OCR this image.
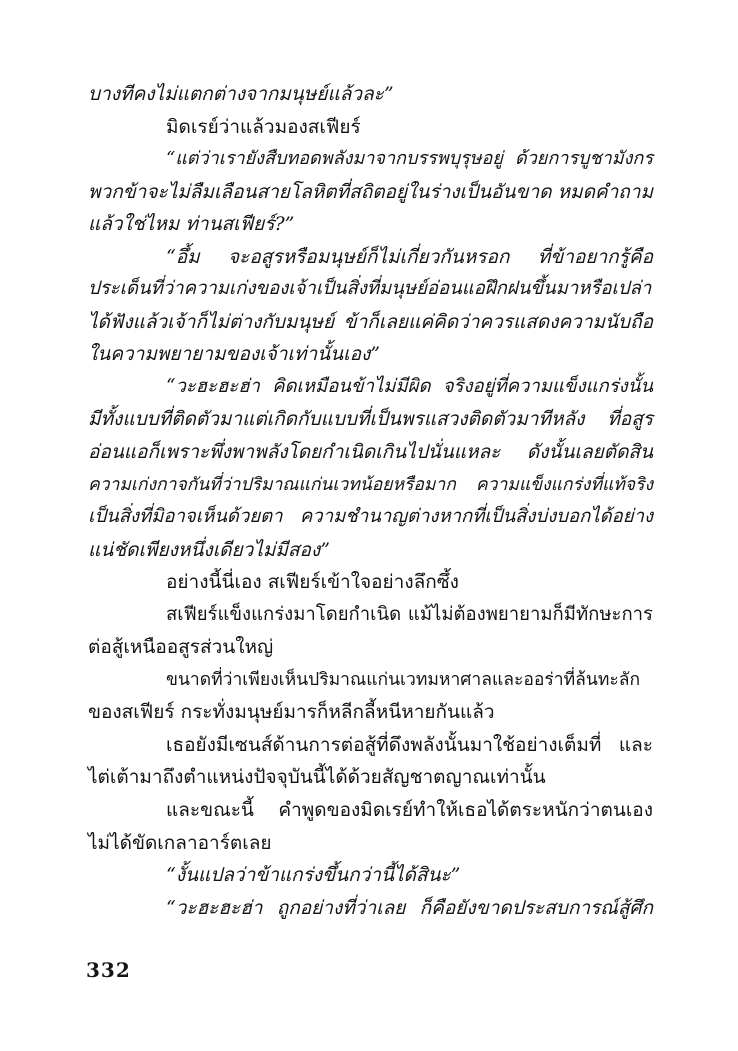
บางทีคงไม่แตกต่างจากมนุษย์แล้วละ”
มิดเรย์ว่าแล้วมองสเฟียร์
“แต่ว่าเรายังสืบทอดพลังมาจากบรรพบุรุษอยู่ ด้วยการบูชามังกร
พวกข้าจะไม่ลืมเลือนสายโลหิตที่สถิตอยู่ในร่างเป็นอันขาด หมดคำถาม
แล้วใช่ไหม ท่านสเฟียร์?”
“อึ้ม จะอสูรหรือมนุษย์ก็ไม่เกี่ยวกันหรอก ที่ข้าอยากรู้คือ
ประเด็นที่ว่าความเก่งของเจ้าเป็นสิ่งที่มนุษย์อ่อนแอฝึกฝนขึ้นมาหรือเปล่า
ได้ฟังแล้วเจ้าก็ไม่ต่างกับมนุษย์ ข้าก็เลยแค่คิดว่าควรแสดงความนับถือ
ในความพยายามของเจ้าเท่านั้นเอง”
“วะฮะฮะฮ่า คิดเหมือนข้าไม่มีผิด จริงอยู่ที่ความแข็งแกร่งนั้น
มีทั้งแบบที่ติดตัวมาแต่เกิดกับแบบที่เป็นพรแสวงติดตัวมาทีหลัง ที่อสูร
อ่อนแอก็เพราะพึ่งพาพลังโดยกำเนิดเกินไปนั่นแหละ ดังนั้นเลยตัดสิน
ความเก่งกาจกันที่ว่าปริมาณแก่นเวทน้อยหรือมาก ความแข็งแกร่งที่แท้จริง
เป็นสิ่งที่มิอาจเห็นด้วยตา ความชำนาญต่างหากที่เป็นสิ่งบ่งบอกได้อย่าง
แน่ชัดเพียงหนึ่งเดียวไม่มีสอง”
อย่างนี้นี่เอง สเฟียร์เข้าใจอย่างลึกซึ้ง
สเฟียร์แข็งแกร่งมาโดยกำเนิด แม้ไม่ต้องพยายามก็มีทักษะการ
ต่อสู้เหนืออสูรส่วนใหญ่
ขนาดที่ว่าเพียงเห็นปริมาณแก่นเวทมหาศาลและออร่าที่ล้นทะลัก
ของสเฟียร์ กระทั่งมนุษย์มารก็หลีกลี้หนีหายกันแล้ว
เธอยังมีเซนส์ด้านการต่อสู้ที่ดึงพลังนั้นมาใช้อย่างเต็มที่ และ
ไต่เต้ามาถึงตำแหน่งปัจจุบันนี้ได้ด้วยสัญชาตญาณเท่านั้น
และขณะนี้ คำพูดของมิดเรย์ทำให้เธอได้ตระหนักว่าตนเอง
ไม่ได้ขัดเกลาอาร์ตเลย
“งั้นแปลว่าข้าแกร่งขึ้นกว่านี้ได้สินะ”
“วะฮะฮะฮ่า ถูกอย่างที่ว่าเลย ก็คือยังขาดประสบการณ์สู้ศึก
332
